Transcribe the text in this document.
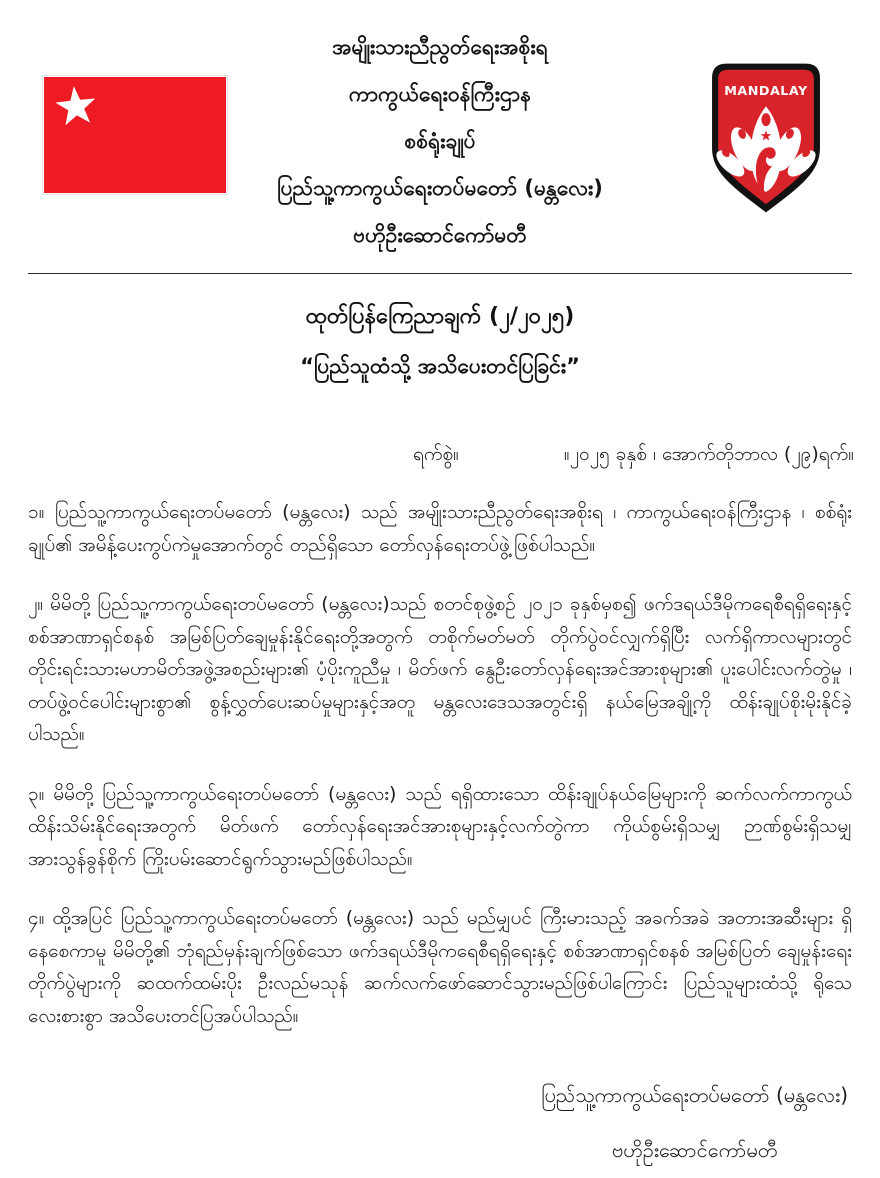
MANDALAY
အမျိုးသားညီညွတ်ရေးအစိုးရ
ကာကွယ်ရေးဝန်ကြီးဌာန
စစ်ရုံးချုပ်
ပြည်သူ့ကာကွယ်ရေးတပ်မတော် (မန္တလေး)
ဗဟိုဦးဆောင်ကော်မတီ
ထုတ်ပြန်ကြေညာချက် (၂/၂၀၂၅)
“ပြည်သူထံသို့ အသိပေးတင်ပြခြင်း”
ရက်စွဲ။	။၂၀၂၅ ခုနှစ် ၊ အောက်တိုဘာလ (၂၉)ရက်။

၁။ ပြည်သူ့ကာကွယ်ရေးတပ်မတော် (မန္တလေး) သည် အမျိုးသားညီညွတ်ရေးအစိုးရ ၊ ကာကွယ်ရေးဝန်ကြီးဌာန ၊ စစ်ရုံးချုပ်၏ အမိန့်ပေးကွပ်ကဲမှုအောက်တွင် တည်ရှိသော တော်လှန်ရေးတပ်ဖွဲ့ဖြစ်ပါသည်။

၂။ မိမိတို့ ပြည်သူ့ကာကွယ်ရေးတပ်မတော် (မန္တလေး)သည် စတင်စုဖွဲ့စဉ် ၂၀၂၁ ခုနှစ်မှစ၍ ဖက်ဒရယ်ဒီမိုကရေစီရရှိရေးနှင့် စစ်အာဏာရှင်စနစ် အမြစ်ပြတ်ချေမှုန်းနိုင်ရေးတို့အတွက် တစိုက်မတ်မတ် တိုက်ပွဲဝင်လျှက်ရှိပြီး လက်ရှိကာလများတွင် တိုင်းရင်းသားမဟာမိတ်အဖွဲ့အစည်းများ၏ ပံ့ပိုးကူညီမှု ၊ မိတ်ဖက် နွေဦးတော်လှန်ရေးအင်အားစုများ၏ ပူးပေါင်းလက်တွဲမှု ၊ တပ်ဖွဲ့ဝင်ပေါင်းများစွာ၏ စွန့်လွှတ်ပေးဆပ်မှုများနှင့်အတူ မန္တလေးဒေသအတွင်းရှိ နယ်မြေအချို့ကို ထိန်းချုပ်စိုးမိုးနိုင်ခဲ့ပါသည်။

၃။ မိမိတို့ ပြည်သူ့ကာကွယ်ရေးတပ်မတော် (မန္တလေး) သည် ရရှိထားသော ထိန်းချုပ်နယ်မြေများကို ဆက်လက်ကာကွယ် ထိန်းသိမ်းနိုင်ရေးအတွက် မိတ်ဖက် တော်လှန်ရေးအင်အားစုများနှင့်လက်တွဲကာ ကိုယ်စွမ်းရှိသမျှ ဉာဏ်စွမ်းရှိသမျှ အားသွန်ခွန်စိုက် ကြိုးပမ်းဆောင်ရွက်သွားမည်ဖြစ်ပါသည်။

၄။ ထို့အပြင် ပြည်သူ့ကာကွယ်ရေးတပ်မတော် (မန္တလေး) သည် မည်မျှပင် ကြီးမားသည့် အခက်အခဲ အတားအဆီးများ ရှိနေစေကာမူ မိမိတို့၏ ဘုံရည်မှန်းချက်ဖြစ်သော ဖက်ဒရယ်ဒီမိုကရေစီရရှိရေးနှင့် စစ်အာဏာရှင်စနစ် အမြစ်ပြတ် ချေမှုန်းရေးတိုက်ပွဲများကို ဆထက်ထမ်းပိုး ဦးလည်မသုန် ဆက်လက်ဖော်ဆောင်သွားမည်ဖြစ်ပါကြောင်း ပြည်သူများထံသို့ ရိုသေလေးစားစွာ အသိပေးတင်ပြအပ်ပါသည်။

ပြည်သူ့ကာကွယ်ရေးတပ်မတော် (မန္တလေး)
ဗဟိုဦးဆောင်ကော်မတီ
